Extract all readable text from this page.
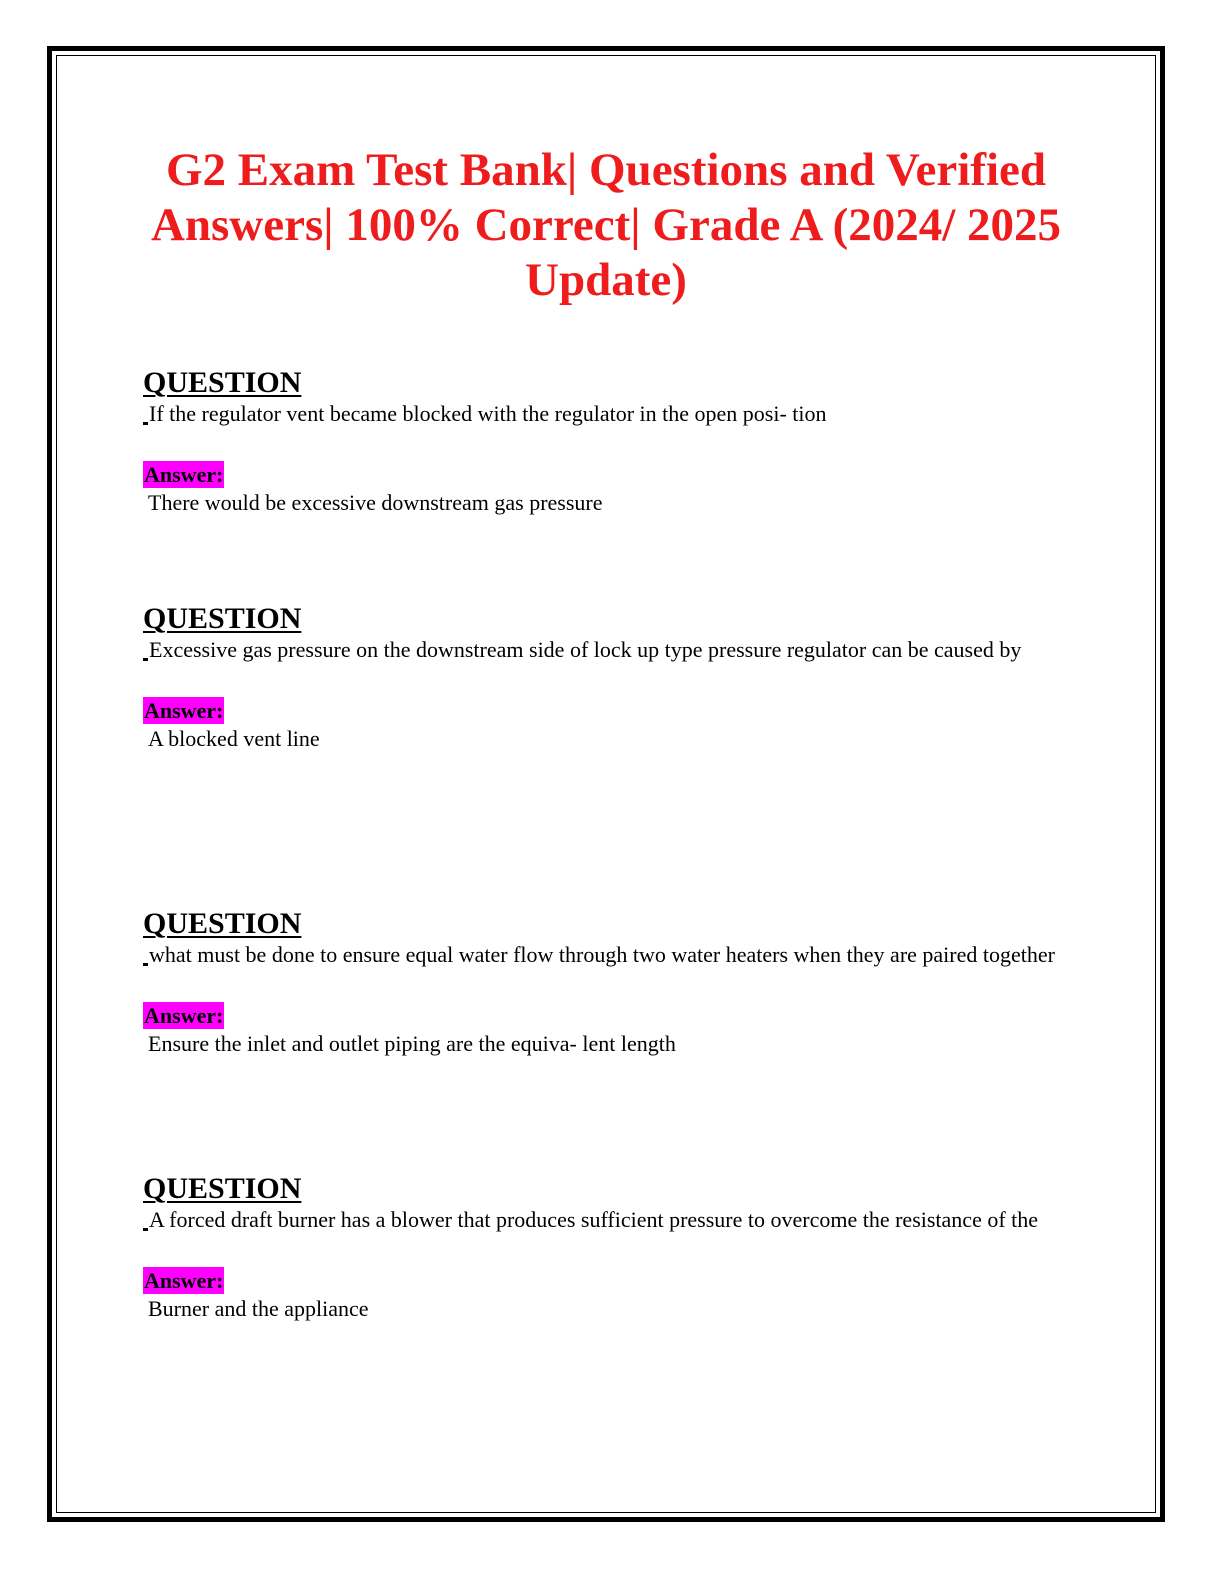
G2 Exam Test Bank| Questions and Verified Answers| 100% Correct| Grade A (2024/ 2025 Update)
QUESTION

If the regulator vent became blocked with the regulator in the open posi- tion

Answer:

There would be excessive downstream gas pressure

QUESTION

Excessive gas pressure on the downstream side of lock up type pressure regulator can be caused by

Answer:

A blocked vent line

QUESTION

what must be done to ensure equal water flow through two water heaters when they are paired together

Answer:

Ensure the inlet and outlet piping are the equiva- lent length

QUESTION

A forced draft burner has a blower that produces sufficient pressure to overcome the resistance of the

Answer:

Burner and the appliance
